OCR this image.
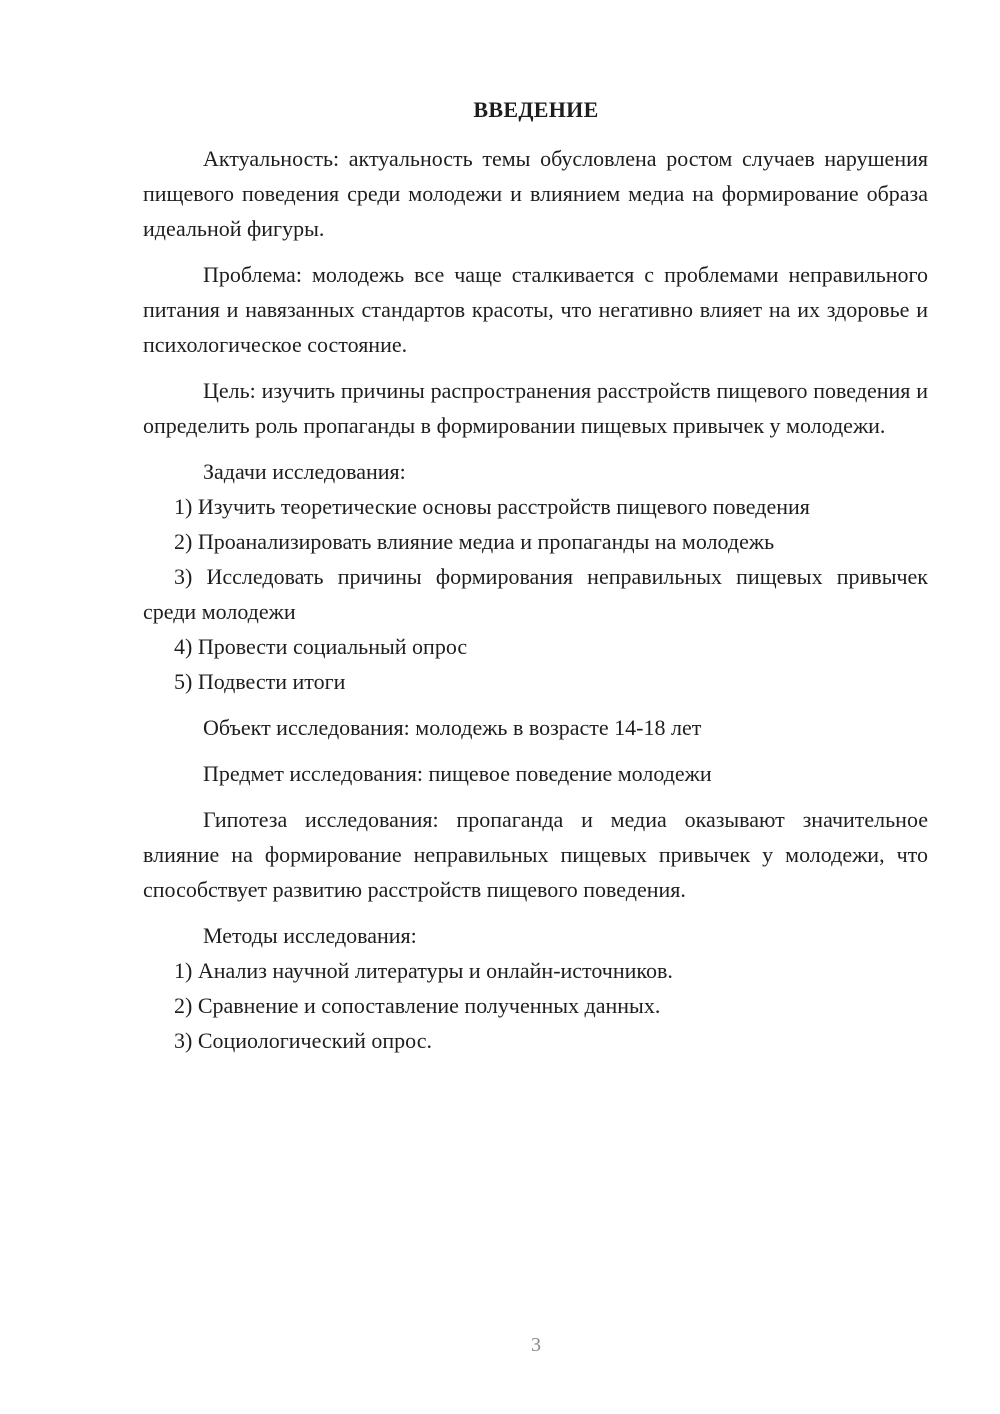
ВВЕДЕНИЕ

Актуальность: актуальность темы обусловлена ростом случаев нарушения пищевого поведения среди молодежи и влиянием медиа на формирование образа идеальной фигуры.

Проблема: молодежь все чаще сталкивается с проблемами неправильного питания и навязанных стандартов красоты, что негативно влияет на их здоровье и психологическое состояние.

Цель: изучить причины распространения расстройств пищевого поведения и определить роль пропаганды в формировании пищевых привычек у молодежи.

Задачи исследования:

1) Изучить теоретические основы расстройств пищевого поведения

2) Проанализировать влияние медиа и пропаганды на молодежь

3) Исследовать причины формирования неправильных пищевых привычек среди молодежи

4) Провести социальный опрос

5) Подвести итоги

Объект исследования: молодежь в возрасте 14-18 лет

Предмет исследования: пищевое поведение молодежи

Гипотеза исследования: пропаганда и медиа оказывают значительное влияние на формирование неправильных пищевых привычек у молодежи, что способствует развитию расстройств пищевого поведения.

Методы исследования:

1) Анализ научной литературы и онлайн-источников.

2) Сравнение и сопоставление полученных данных.

3) Социологический опрос.

3
